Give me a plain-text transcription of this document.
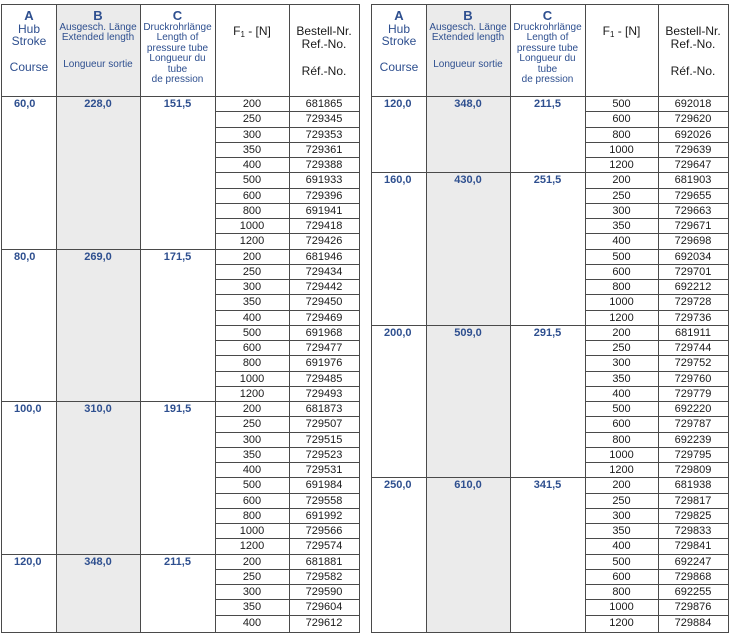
A
Hub
Stroke
Course
B
Ausgesch. Länge
Extended length
Longueur sortie
C
Druckrohrlänge
Length of
pressure tube
Longueur du tube
de pression
$F_1 - [N]$	Bestell-Nr.
Ref.-No.
Réf.-No.
60,0	228,0	151,5	200	681865
250	729345
300	729353
350	729361
400	729388
500	691933
600	729396
800	691941
1000	729418
1200	729426
80,0	269,0	171,5	200	681946
250	729434
300	729442
350	729450
400	729469
500	691968
600	729477
800	691976
1000	729485
1200	729493
100,0	310,0	191,5	200	681873
250	729507
300	729515
350	729523
400	729531
500	691984
600	729558
800	691992
1000	729566
1200	729574
120,0	348,0	211,5	200	681881
250	729582
300	729590
350	729604
400	729612
A
Hub
Stroke
Course
B
Ausgesch. Länge
Extended length
Longueur sortie
C
Druckrohrlänge
Length of
pressure tube
Longueur du tube
de pression
$F_1 - [N]$	Bestell-Nr.
Ref.-No.
Réf.-No.
120,0	348,0	211,5	500	692018
600	729620
800	692026
1000	729639
1200	729647
160,0	430,0	251,5	200	681903
250	729655
300	729663
350	729671
400	729698
500	692034
600	729701
800	692212
1000	729728
1200	729736
200,0	509,0	291,5	200	681911
250	729744
300	729752
350	729760
400	729779
500	692220
600	729787
800	692239
1000	729795
1200	729809
250,0	610,0	341,5	200	681938
250	729817
300	729825
350	729833
400	729841
500	692247
600	729868
800	692255
1000	729876
1200	729884
